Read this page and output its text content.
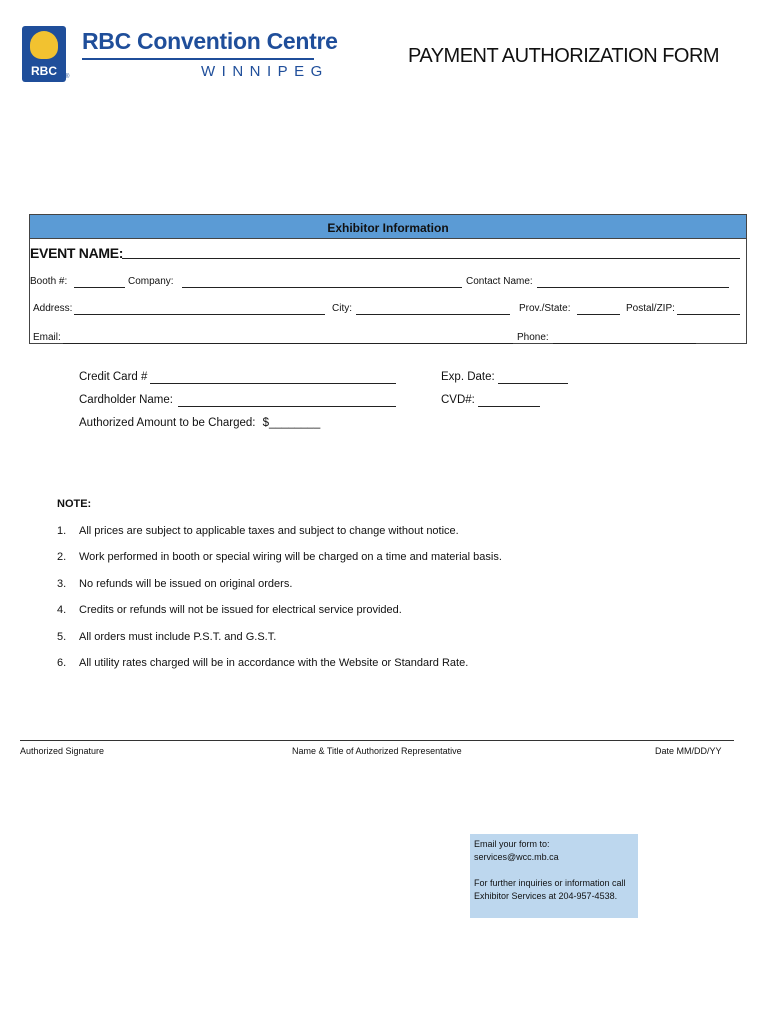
RBC	®
RBC Convention Centre
WINNIPEG
PAYMENT AUTHORIZATION FORM
Exhibitor Information
EVENT NAME:
Booth #:	Company:	Contact Name:
Address:	City:	Prov./State:	Postal/ZIP:
Email:	Phone:
Credit Card #	Exp. Date:
Cardholder Name:	CVD#:
Authorized Amount to be Charged: $________
NOTE:
1. All prices are subject to applicable taxes and subject to change without notice.
2. Work performed in booth or special wiring will be charged on a time and material basis.
3. No refunds will be issued on original orders.
4. Credits or refunds will not be issued for electrical service provided.
5. All orders must include P.S.T. and G.S.T.
6. All utility rates charged will be in accordance with the Website or Standard Rate.
Authorized Signature	Name & Title of Authorized Representative	Date MM/DD/YY

Email your form to:

services@wcc.mb.ca

For further inquiries or information call

Exhibitor Services at 204-957-4538.
